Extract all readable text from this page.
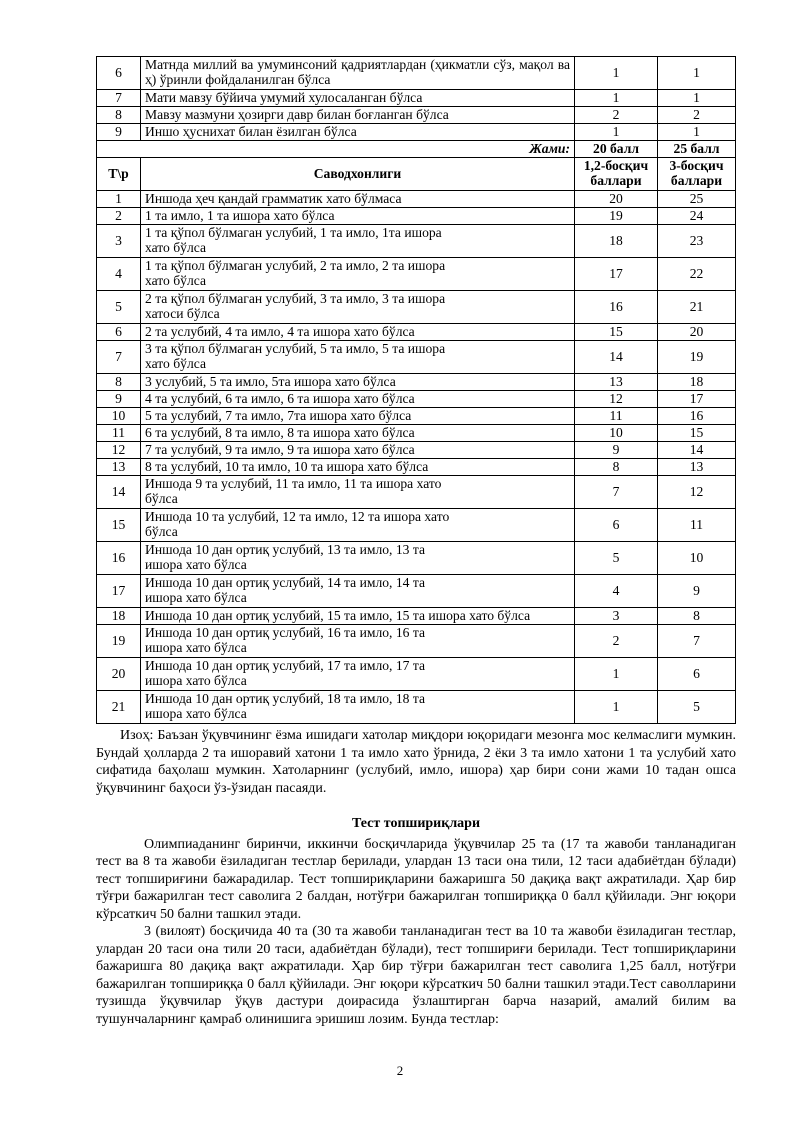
6	Матнда миллий ва умуминсоний қадриятлардан (ҳикматли сўз, мақол ва ҳ) ўринли фойдаланилган бўлса	1	1
7	Мати мавзу бўйича умумий хулосаланган бўлса	1	1
8	Мавзу мазмуни ҳозирги давр билан боғланган бўлса	2	2
9	Иншо ҳуснихат билан ёзилган бўлса	1	1
	Жами:	20 балл	25 балл
Т\р	Саводхонлиги	1,2-босқич баллари	3-босқич баллари
1	Иншода ҳеч қандай грамматик хато бўлмаса	20	25
2	1 та имло, 1 та ишора хато бўлса	19	24
3	1 та қўпол бўлмаган услубий, 1 та имло, 1та ишора хато бўлса	18	23
4	1 та қўпол бўлмаган услубий, 2 та имло, 2 та ишора хато бўлса	17	22
5	2 та қўпол бўлмаган услубий, 3 та имло, 3 та ишора хатоси бўлса	16	21
6	2 та услубий, 4 та имло, 4 та ишора хато бўлса	15	20
7	3 та қўпол бўлмаган услубий, 5 та имло, 5 та ишора хато бўлса	14	19
8	3 услубий, 5 та имло, 5та ишора хато бўлса	13	18
9	4 та услубий, 6 та имло, 6 та ишора хато бўлса	12	17
10	5 та услубий, 7 та имло, 7та ишора хато бўлса	11	16
11	6 та услубий, 8 та имло, 8 та ишора хато бўлса	10	15
12	7 та услубий, 9 та имло, 9 та ишора хато бўлса	9	14
13	8 та услубий, 10 та имло, 10 та ишора хато бўлса	8	13
14	Иншода 9 та услубий, 11 та имло, 11 та ишора хато бўлса	7	12
15	Иншода 10 та услубий, 12 та имло, 12 та ишора хато бўлса	6	11
16	Иншода 10 дан ортиқ услубий, 13 та имло, 13 та ишора хато бўлса	5	10
17	Иншода 10 дан ортиқ услубий, 14 та имло, 14 та ишора хато бўлса	4	9
18	Иншода 10 дан ортиқ услубий, 15 та имло, 15 та ишора хато бўлса	3	8
19	Иншода 10 дан ортиқ услубий, 16 та имло, 16 та ишора хато бўлса	2	7
20	Иншода 10 дан ортиқ услубий, 17 та имло, 17 та ишора хато бўлса	1	6
21	Иншода 10 дан ортиқ услубий, 18 та имло, 18 та ишора хато бўлса	1	5

Изоҳ: Баъзан ўқувчининг ёзма ишидаги хатолар миқдори юқоридаги мезонга мос келмаслиги мумкин. Бундай ҳолларда 2 та ишоравий хатони 1 та имло хато ўрнида, 2 ёки 3 та имло хатони 1 та услубий хато сифатида баҳолаш мумкин. Хатоларнинг (услубий, имло, ишора) ҳар бири сони жами 10 тадан ошса ўқувчининг баҳоси ўз-ўзидан пасаяди.

Тест топшириқлари

Олимпиаданинг биринчи, иккинчи босқичларида ўқувчилар 25 та (17 та жавоби танланадиган тест ва 8 та жавоби ёзиладиган тестлар берилади, улардан 13 таси она тили, 12 таси адабиётдан бўлади) тест топшириғини бажарадилар. Тест топшириқларини бажаришга 50 дақиқа вақт ажратилади. Ҳар бир тўғри бажарилган тест саволига 2 балдан, нотўғри бажарилган топшириққа 0 балл қўйилади. Энг юқори кўрсаткич 50 бални ташкил этади.

3 (вилоят) босқичида 40 та (30 та жавоби танланадиган тест ва 10 та жавоби ёзиладиган тестлар, улардан 20 таси она тили 20 таси, адабиётдан бўлади), тест топшириғи берилади. Тест топшириқларини бажаришга 80 дақиқа вақт ажратилади. Ҳар бир тўғри бажарилган тест саволига 1,25 балл, нотўғри бажарилган топшириққа 0 балл қўйилади. Энг юқори кўрсаткич 50 бални ташкил этади.Тест саволларини тузишда ўқувчилар ўқув дастури доирасида ўзлаштирган барча назарий, амалий билим ва тушунчаларнинг қамраб олинишига эришиш лозим. Бунда тестлар:

2
